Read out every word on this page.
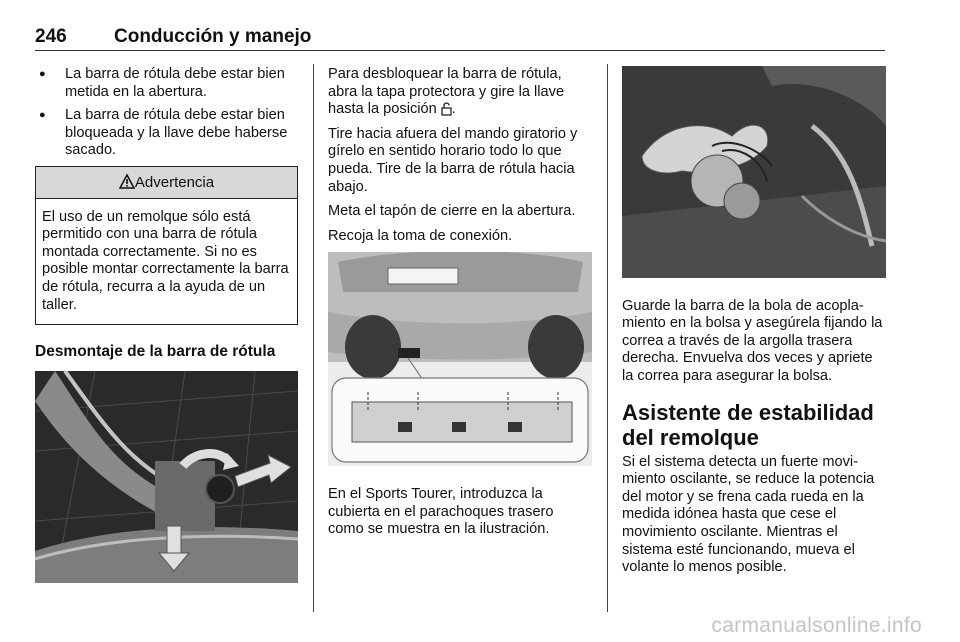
246 Conducción y manejo
● La barra de rótula debe estar bien metida en la abertura.
● La barra de rótula debe estar bien bloqueada y la llave debe haberse sacado.
Advertencia
El uso de un remolque sólo está permitido con una barra de rótula montada correctamente. Si no es posible montar correctamente la barra de rótula, recurra a la ayuda de un taller.
Desmontaje de la barra de rótula

Para desbloquear la barra de rótula, abra la tapa protectora y gire la llave hasta la posición .

Tire hacia afuera del mando giratorio y gírelo en sentido horario todo lo que pueda. Tire de la barra de rótula hacia abajo.

Meta el tapón de cierre en la abertura.

Recoja la toma de conexión.

En el Sports Tourer, introduzca la cubierta en el parachoques trasero como se muestra en la ilustración.

Guarde la barra de la bola de acoplamiento en la bolsa y asegúrela fijando la correa a través de la argolla trasera derecha. Envuelva dos veces y apriete la correa para asegurar la bolsa.

Asistente de estabilidad del remolque

Si el sistema detecta un fuerte movimiento oscilante, se reduce la potencia del motor y se frena cada rueda en la medida idónea hasta que cese el movimiento oscilante. Mientras el sistema esté funcionando, mueva el volante lo menos posible.

carmanualsonline.info
